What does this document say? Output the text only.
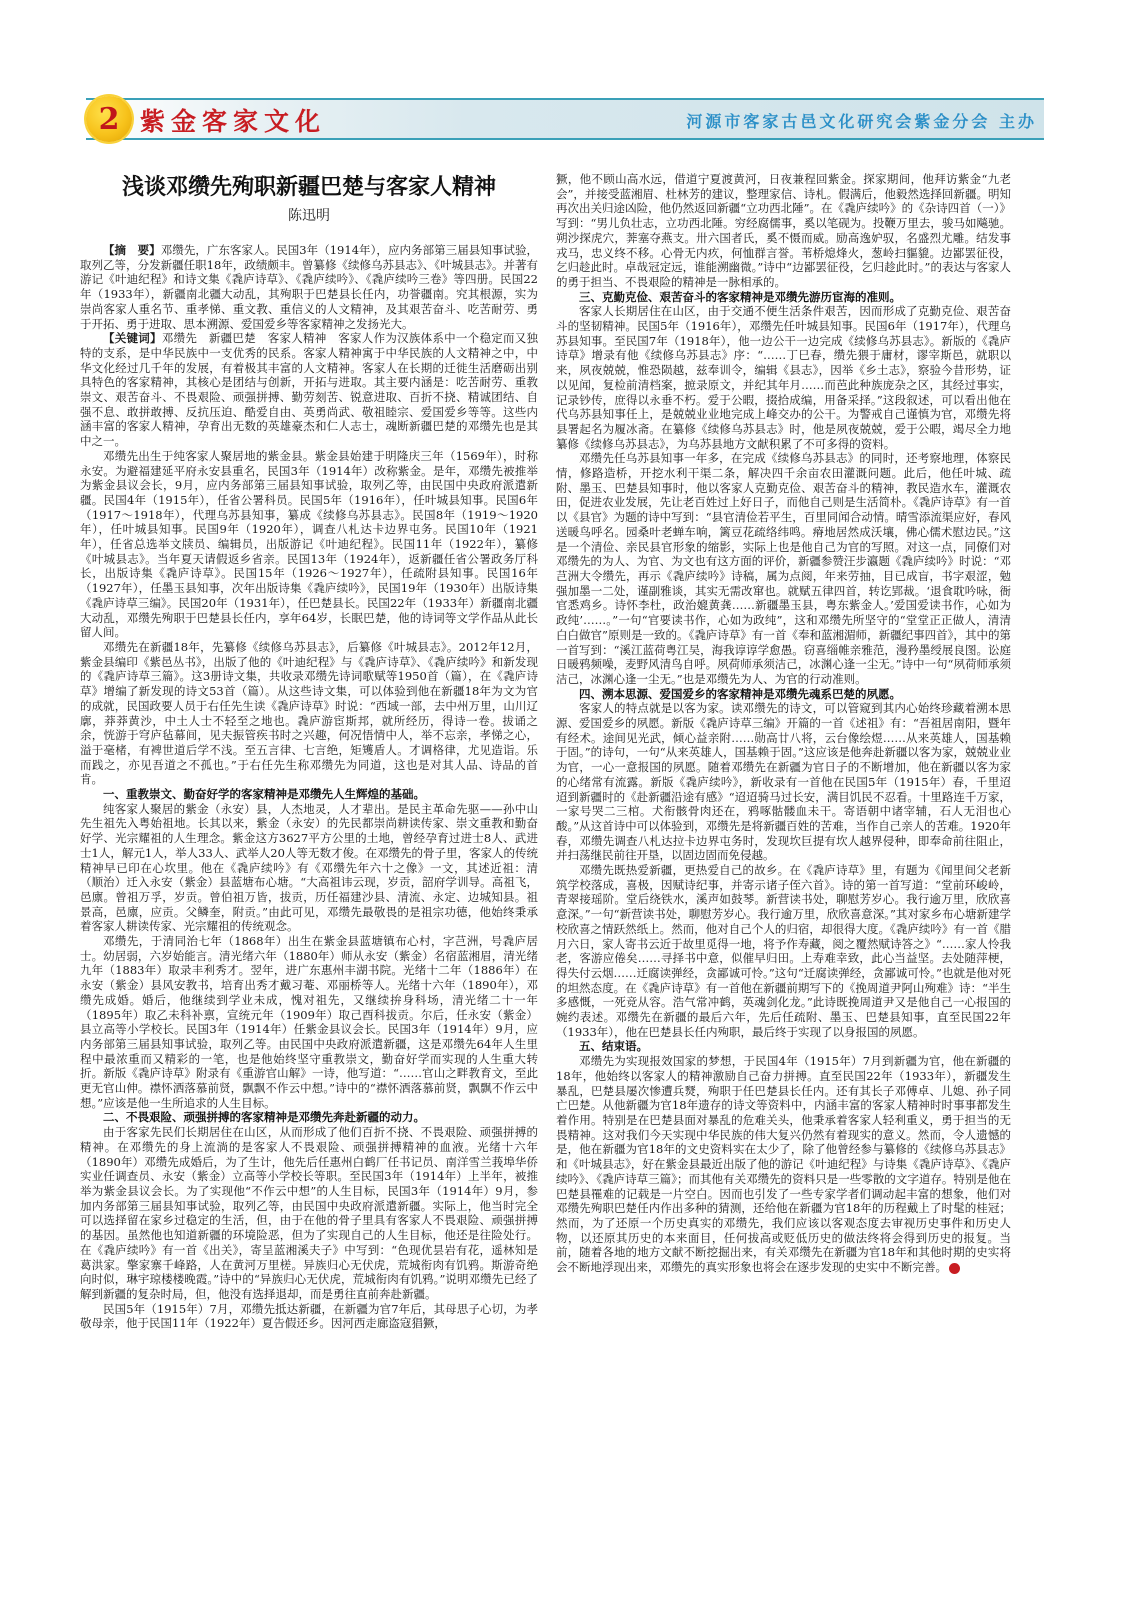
2 紫金客家文化	河源市客家古邑文化研究会紫金分会 主办
浅谈邓缵先殉职新疆巴楚与客家人精神
陈迅明

【摘　要】邓缵先，广东客家人。民国3年（1914年），应内务部第三届县知事试验，取列乙等，分发新疆任职18年，政绩颇丰。曾纂修《续修乌苏县志》、《叶城县志》。并著有游记《叶迪纪程》和诗文集《毳庐诗草》、《毳庐续吟》、《毳庐续吟三卷》等四册。民国22年（1933年），新疆南北疆大动乱，其殉职于巴楚县长任内，功誉疆南。究其根源，实为崇尚客家人重名节、重孝悌、重文教、重信义的人文精神，及其艰苦奋斗、吃苦耐劳、勇于开拓、勇于进取、思本溯源、爱国爱乡等客家精神之发扬光大。

【关键词】邓缵先　新疆巴楚　客家人精神　客家人作为汉族体系中一个稳定而又独特的支系，是中华民族中一支优秀的民系。客家人精神寓于中华民族的人文精神之中，中华文化经过几千年的发展，有着极其丰富的人文精神。客家人在长期的迁徙生活磨砺出别具特色的客家精神，其核心是团结与创新，开拓与进取。其主要内涵是：吃苦耐劳、重教崇文、艰苦奋斗、不畏艰险、顽强拼搏、勤劳刻苦、锐意进取、百折不挠、精诚团结、自强不息、敢拼敢搏、反抗压迫、酷爱自由、英勇尚武、敬祖睦宗、爱国爱乡等等。这些内涵丰富的客家人精神，孕育出无数的英雄豪杰和仁人志士，魂断新疆巴楚的邓缵先也是其中之一。

邓缵先出生于纯客家人聚居地的紫金县。紫金县始建于明隆庆三年（1569年），时称永安。为避福建延平府永安县重名，民国3年（1914年）改称紫金。是年，邓缵先被推举为紫金县议会长，9月，应内务部第三届县知事试验，取列乙等，由民国中央政府派遣新疆。民国4年（1915年），任省公署科员。民国5年（1916年），任叶城县知事。民国6年（1917～1918年），代理乌苏县知事，纂成《续修乌苏县志》。民国8年（1919～1920年），任叶城县知事。民国9年（1920年），调查八札达卡边界屯务。民国10年（1921年），任省总选举文牍员、编辑员，出版游记《叶迪纪程》。民国11年（1922年），纂修《叶城县志》。当年夏天请假返乡省亲。民国13年（1924年），返新疆任省公署政务厅科长，出版诗集《毳庐诗草》。民国15年（1926～1927年），任疏附县知事。民国16年（1927年），任墨玉县知事，次年出版诗集《毳庐续吟》，民国19年（1930年）出版诗集《毳庐诗草三编》。民国20年（1931年），任巴楚县长。民国22年（1933年）新疆南北疆大动乱，邓缵先殉职于巴楚县长任内，享年64岁，长眠巴楚，他的诗词等文学作品从此长留人间。

邓缵先在新疆18年，先纂修《续修乌苏县志》，后纂修《叶城县志》。2012年12月，紫金县编印《紫邑丛书》，出版了他的《叶迪纪程》与《毳庐诗草》、《毳庐续吟》和新发现的《毳庐诗草三篇》。这3册诗文集，共收录邓缵先诗词歌赋等1950首（篇），在《毳庐诗草》增编了新发现的诗文53首（篇）。从这些诗文集，可以体验到他在新疆18年为文为官的成就，民国政要人员于右任先生读《毳庐诗草》时说：“西域一部，去中州万里，山川辽廓，莽莽黄沙，中土人士不轻至之地也。毳庐游宦斯邦，就所经历，得诗一卷。拔诵之余，恍游于穹庐毡幕间，见夫振管疾书时之兴趣，何况悟情中人，举不忘亲，孝悌之心，溢于毫楮，有裨世道后学不浅。至五言律、七言绝，矩矱盾人。才调格律，尤见造诣。乐而践之，亦见吾道之不孤也。”于右任先生称邓缵先为同道，这也是对其人品、诗品的首肯。

一、重教崇文、勤奋好学的客家精神是邓缵先人生辉煌的基础。

纯客家人聚居的紫金（永安）县，人杰地灵，人才辈出。是民主革命先驱——孙中山先生祖先入粤始祖地。长其以来，紫金（永安）的先民都崇尚耕读传家、崇文重教和勤奋好学、光宗耀祖的人生理念。紫金这方3627平方公里的土地，曾经孕育过进士8人、武进士1人，解元1人，举人33人、武举人20人等无数才俊。在邓缵先的骨子里，客家人的传统精神早已印在心坎里。他在《毳庐续吟》有《邓缵先年六十之像》一文，其述近祖：清（顺治）迁入永安（紫金）县蓝塘布心塘。“大高祖讳云现，岁贡，韶府学训导。高祖飞，邑廪。曾祖万孚，岁贡。曾伯祖万皆，拔贡，历任福建沙县、清流、永定、边城知县。祖景高，邑廪，应贡。父鳞奎，附贡。”由此可见，邓缵先最敬畏的是祖宗功德，他始终秉承着客家人耕读传家、光宗耀祖的传统观念。

邓缵先，于清同治七年（1868年）出生在紫金县蓝塘镇布心村，字芑洲，号毳庐居士。幼居弱，六岁始能言。清光绪六年（1880年）师从永安（紫金）名宿蓝湘眉，清光绪九年（1883年）取录丰利秀才。翌年，进广东惠州丰湖书院。光绪十二年（1886年）在永安（紫金）县风安教书，培育出秀才戴习菴、邓丽桥等人。光绪十六年（1890年），邓缵先成婚。婚后，他继续到学业未成，愧对祖先，又继续拚身科场，清光绪二十一年（1895年）取乙未科补禀，宣统元年（1909年）取己酉科拔贡。尔后，任永安（紫金）县立高等小学校长。民国3年（1914年）任紫金县议会长。民国3年（1914年）9月，应内务部第三届县知事试验，取列乙等。由民国中央政府派遣新疆，这是邓缵先64年人生里程中最浓重而又精彩的一笔，也是他始终坚守重教崇文，勤奋好学而实现的人生重大转折。新版《毳庐诗草》附录有《重游官山解》一诗，他写道：“……官山之畔教育文，至此更无官山伸。襟怀洒落慕前贤，飘飘不作云中想。”诗中的“襟怀洒落慕前贤，飘飘不作云中想。”应该是他一生所追求的人生目标。

二、不畏艰险、顽强拼搏的客家精神是邓缵先奔赴新疆的动力。

由于客家先民们长期居住在山区，从而形成了他们百折不挠、不畏艰险、顽强拼搏的精神。在邓缵先的身上流淌的是客家人不畏艰险、顽强拼搏精神的血液。光绪十六年（1890年）邓缵先成婚后，为了生计，他先后任惠州白鹤厂任书记员、南洋雪兰莪埠华侨实业任调查员、永安（紫金）立高等小学校长等职。至民国3年（1914年）上半年，被推举为紫金县议会长。为了实现他“不作云中想”的人生目标，民国3年（1914年）9月，参加内务部第三届县知事试验，取列乙等，由民国中央政府派遣新疆。实际上，他当时完全可以选择留在家乡过稳定的生活，但，由于在他的骨子里具有客家人不畏艰险、顽强拼搏的基因。虽然他也知道新疆的环境险恶，但为了实现自己的人生目标，他还是往险处行。在《毳庐续吟》有一首《出关》，寄呈蓝湘溪夫子》中写到：“色现优昙岩有花，遥林知是葛洪家。擎家寨千峰路，人在黄河万里槎。异族归心无伏虎，荒城衔肉有饥鸦。斯游奇绝向时似，琳宇琼楼楼晚霞。”诗中的“异族归心无伏虎，荒城衔肉有饥鸦。”说明邓缵先已经了解到新疆的复杂时局，但，他没有选择退却，而是勇往直前奔赴新疆。

民国5年（1915年）7月，邓缵先抵达新疆，在新疆为官7年后，其母思子心切，为孝敬母亲，他于民国11年（1922年）夏告假还乡。因河西走廊盗寇猖獗，

獗，他不顾山高水远，借道宁夏渡黄河，日夜兼程回紫金。探家期间，他拜访紫金“九老会”，并接受蓝湘眉、杜林芳的建议，整理家信、诗札。假满后，他毅然选择回新疆。明知再次出关归途凶险，他仍然返回新疆“立功西北陲”。在《毳庐续吟》的《杂诗四首（一）》写到：“男儿负壮志，立功西北陲。穷经腐儒事，奚以笔砚为。投鞭万里去，骏马如飚驰。朔沙探虎穴，莾塞夺燕支。卅六国者氏，奚不慑而威。励高逸妒驭，名盛烈尤雕。结发事戎马，忠义终不移。心骨无内疚，何恤群言誉。苇桥熄烽火，葱岭扫貙貔。边鄙罢征役，乞归趁此时。卓哉冠定远，谁能溯幽微。”诗中“边鄙罢征役，乞归趁此时。”的表达与客家人的勇于担当、不畏艰险的精神是一脉相承的。

三、克勤克俭、艰苦奋斗的客家精神是邓缵先游历宦海的准则。

客家人长期居住在山区，由于交通不便生活条件艰苦，因而形成了克勤克俭、艰苦奋斗的坚韧精神。民国5年（1916年），邓缵先任叶城县知事。民国6年（1917年），代理乌苏县知事。至民国7年（1918年），他一边公干一边完成《续修乌苏县志》。新版的《毳庐诗草》增录有他《续修乌苏县志》序：“……丁巳春，缵先猥于庸材，谬宰斯邑，就职以来，夙夜兢兢，惟恐陨越，兹奉训令，编辑《县志》，因举《乡土志》，察验今昔形势，证以见闻，复检前清档案，摭录原文，并纪其年月……而芭此种族庞杂之区，其经过事实，记录钞传，庶得以永垂不朽。爱于公暇，掇拾成编，用备采择。”这段叙述，可以看出他在代乌苏县知事任上，是兢兢业业地完成上峰交办的公干。为警戒自己谨慎为官，邓缵先将县署起名为履冰斋。在纂修《续修乌苏县志》时，他是夙夜兢兢，爱于公暇，竭尽全力地纂修《续修乌苏县志》，为乌苏县地方文献积累了不可多得的资料。

邓缵先任乌苏县知事一年多，在完成《续修乌苏县志》的同时，还考察地理，体察民情，修路造桥，开挖水利干渠二条，解决四千余亩农田灌溉问题。此后，他任叶城、疏附、墨玉、巴楚县知事时，他以客家人克勤克俭、艰苦奋斗的精神，教民造水车，灌溉农田，促进农业发展，先让老百姓过上好日子，而他自己则是生活简朴。《毳庐诗草》有一首以《县官》为题的诗中写到：“县官清俭若平生，百里同闻合动情。晴雪添流渠应好，春风送暖鸟呼名。园桑叶老蝉车响，篱豆花疏络纬鸣。瘠地居然成沃壤，佛心儒术慰边民。”这是一个清俭、亲民县官形象的缩影，实际上也是他自己为官的写照。对这一点，同僚们对邓缵先的为人、为官、为文也有这方面的评价，新疆参赞汪步瀛题《毳庐续吟》时说：“邓芑洲大令缵先，再示《毳庐续吟》诗稿，属为点阅，年来劳抽，目已成盲，书字艰涩，勉强加墨一二处，谨副雅谈，其实无需改窜也。就赋五律四首，转讫郢裁。‘退食耽吟咏，衙官悉鸡乡。诗怀李杜，政治媲黄龚……新疆墨玉县，粤东紫金人。’爱国爱读书作，心如为政纯’……。”一句“官要读书作，心如为政纯”，这和邓缵先所坚守的“堂堂正正做人，清清白白做官”原则是一致的。《毳庐诗草》有一首《奉和蓝湘湄师，新疆纪事四首》，其中的第一首写到：“溪江蓝荷粤江吴，海我谆谆学愈愚。窃喜缁帷亲雅范，漫矜墨绶展良图。讼庭日暖鸦频噪，麦野风清鸟自呼。夙荷师承须洁己，冰渊心逢一尘无。”诗中一句“夙荷师承须洁己，冰渊心逢一尘无。”也是邓缵先为人、为官的行动准则。

四、溯本思源、爱国爱乡的客家精神是邓缵先魂系巴楚的夙愿。

客家人的特点就是以客为家。读邓缵先的诗文，可以管窥到其内心始终珍藏着溯本思源、爱国爱乡的夙愿。新版《毳庐诗草三编》开篇的一首《述祖》有：“吾祖居南阳，暨年有经术。途间见光武，倾心益亲附……勋高廿八将，云台像绘煜……从来英雄人，国基赖于固。”的诗句，一句“从来英雄人，国基赖于固。”这应该是他奔赴新疆以客为家，兢兢业业为官，一心一意报国的夙愿。随着邓缵先在新疆为官日子的不断增加，他在新疆以客为家的心绪常有流露。新版《毳庐续吟》，新收录有一首他在民国5年（1915年）春，千里迢迢到新疆时的《赴新疆沿途有感》“迢迢骑马过长安，满目饥民不忍看。十里路连千万家，一家号哭二三棺。犬衔骸骨肉还在，鸦啄骷髅血未干。寄语朝中诸宰辅，石人无泪也心酸。”从这首诗中可以体验到，邓缵先是将新疆百姓的苦难，当作自己亲人的苦难。1920年春，邓缵先调查八札达拉卡边界屯务时，发现坎巨提有坎人越界侵种，即奉命前往阻止，并扫荡继民前往开垦，以固边固而免侵越。

邓缵先既热爱新疆，更热爱自己的故乡。在《毳庐诗草》里，有题为《闻里间父老新筑学校落成，喜极，因赋诗纪事，并寄示诸子侄六首》。诗的第一首写道：“堂前环峻岭，青翠接瑶阶。堂后绕铁水，溪声如鼓琴。新营读书处，聊慰芳岁心。我行逾万里，欣欣喜意深。”一句“新营读书处，聊慰芳岁心。我行逾万里，欣欣喜意深。”其对家乡布心塘新建学校欣喜之情跃然纸上。然而，他对自己个人的归宿，却很得大度。《毳庐续吟》有一首《腊月六日，家人寄书云近于故里觅得一地，将予作寿藏，阅之覆然赋诗答之》“……家人怜我老，客游应倦矣……寻择书中意，似催早归田。上寿难幸致，此心当益坚。去处随萍梗，得失付云烟……迁腐读弹经，贪鄙诚可怜。”这句“迁腐读弹经，贪鄙诚可怜。”也就是他对死的坦然态度。在《毳庐诗草》有一首他在新疆前期写下的《挽周道尹阿山殉难》诗：“半生多感慨，一死竞从容。浩气常冲鹤，英魂剑化龙。”此诗既挽周道尹又是他自己一心报国的婉约表述。邓缵先在新疆的最后六年，先后任疏附、墨玉、巴楚县知事，直至民国22年（1933年），他在巴楚县长任内殉职，最后终于实现了以身报国的夙愿。

五、结束语。

邓缵先为实现报效国家的梦想，于民国4年（1915年）7月到新疆为官，他在新疆的18年，他始终以客家人的精神激励自己奋力拼搏。直至民国22年（1933年），新疆发生暴乱，巴楚县屡次惨遭兵燹，殉职于任巴楚县长任内。还有其长子邓傅卓、儿媳、孙子同亡巴楚。从他新疆为官18年遗存的诗文等资料中，内涵丰富的客家人精神时时事事都发生着作用。特别是在巴楚县面对暴乱的危难关头，他秉承着客家人轻利重义，勇于担当的无畏精神。这对我们今天实现中华民族的伟大复兴仍然有着现实的意义。然而，令人遗憾的是，他在新疆为官18年的文史资料实在太少了，除了他曾经参与纂修的《续修乌苏县志》和《叶城县志》，好在紫金县最近出版了他的游记《叶迪纪程》与诗集《毳庐诗草》、《毳庐续吟》、《毳庐诗草三篇》；而其他有关邓缵先的资料只是一些零散的文字道存。特别是他在巴楚县罹难的记载是一片空白。因而也引发了一些专家学者们调动起丰富的想象，他们对邓缵先殉职巴楚任内作出多种的猜测，还给他在新疆为官18年的历程戴上了时髦的桂冠；然而，为了还原一个历史真实的邓缵先，我们应该以客观态度去审视历史事件和历史人物，以还原其历史的本来面目，任何拔高或贬低历史的做法终将会得到历史的报复。当前，随着各地的地方文献不断挖掘出来，有关邓缵先在新疆为官18年和其他时期的史实将会不断地浮现出来，邓缵先的真实形象也将会在逐步发现的史实中不断完善。	客
